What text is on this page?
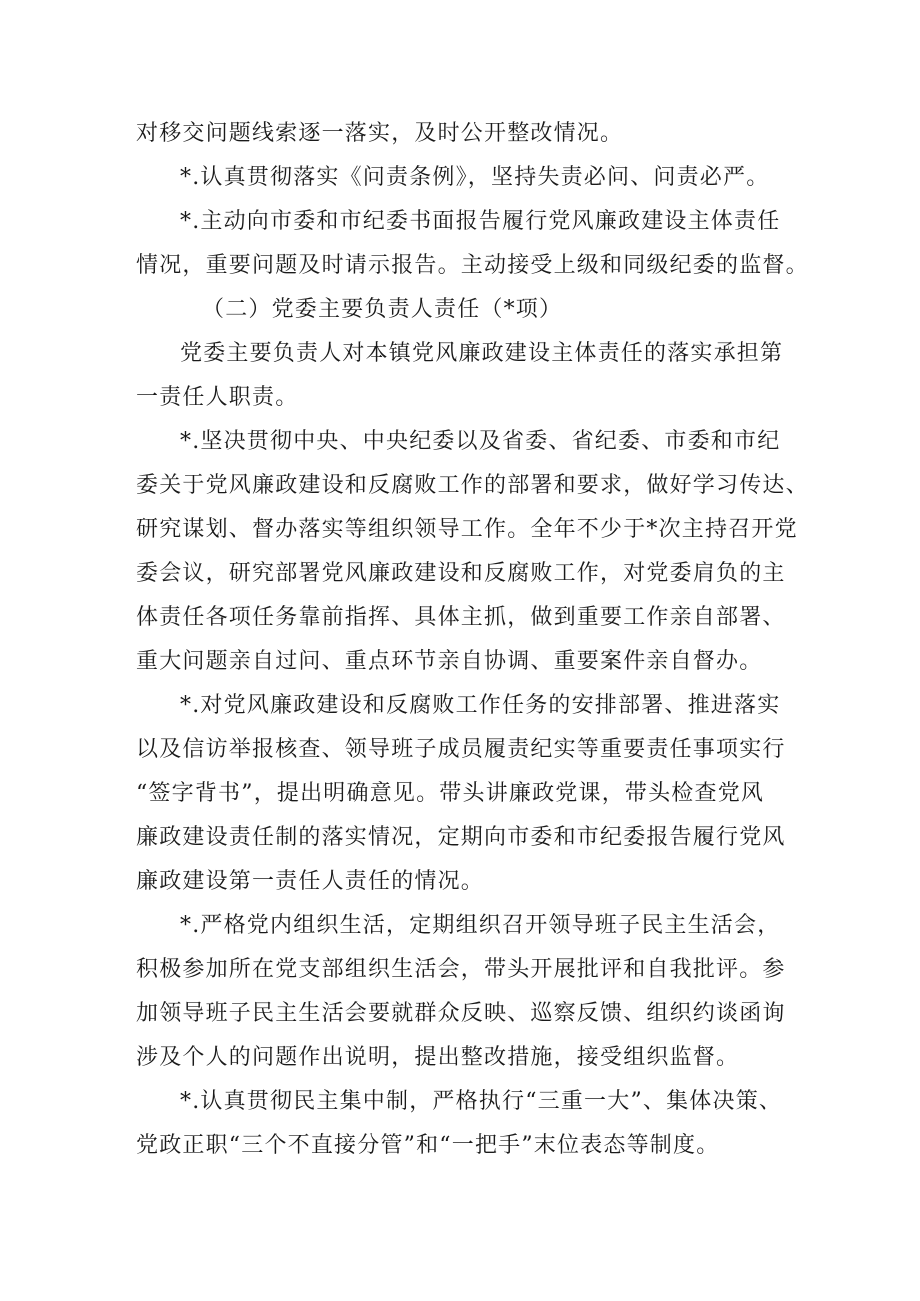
对移交问题线索逐一落实，及时公开整改情况。
*.认真贯彻落实《问责条例》，坚持失责必问、问责必严。
*.主动向市委和市纪委书面报告履行党风廉政建设主体责任
情况，重要问题及时请示报告。主动接受上级和同级纪委的监督。
（二）党委主要负责人责任（*项）
党委主要负责人对本镇党风廉政建设主体责任的落实承担第
一责任人职责。
*.坚决贯彻中央、中央纪委以及省委、省纪委、市委和市纪
委关于党风廉政建设和反腐败工作的部署和要求，做好学习传达、
研究谋划、督办落实等组织领导工作。全年不少于*次主持召开党
委会议，研究部署党风廉政建设和反腐败工作，对党委肩负的主
体责任各项任务靠前指挥、具体主抓，做到重要工作亲自部署、
重大问题亲自过问、重点环节亲自协调、重要案件亲自督办。
*.对党风廉政建设和反腐败工作任务的安排部署、推进落实
以及信访举报核查、领导班子成员履责纪实等重要责任事项实行
“签字背书”，提出明确意见。带头讲廉政党课，带头检查党风
廉政建设责任制的落实情况，定期向市委和市纪委报告履行党风
廉政建设第一责任人责任的情况。
*.严格党内组织生活，定期组织召开领导班子民主生活会，
积极参加所在党支部组织生活会，带头开展批评和自我批评。参
加领导班子民主生活会要就群众反映、巡察反馈、组织约谈函询
涉及个人的问题作出说明，提出整改措施，接受组织监督。
*.认真贯彻民主集中制，严格执行“三重一大”、集体决策、
党政正职“三个不直接分管”和“一把手”末位表态等制度。
